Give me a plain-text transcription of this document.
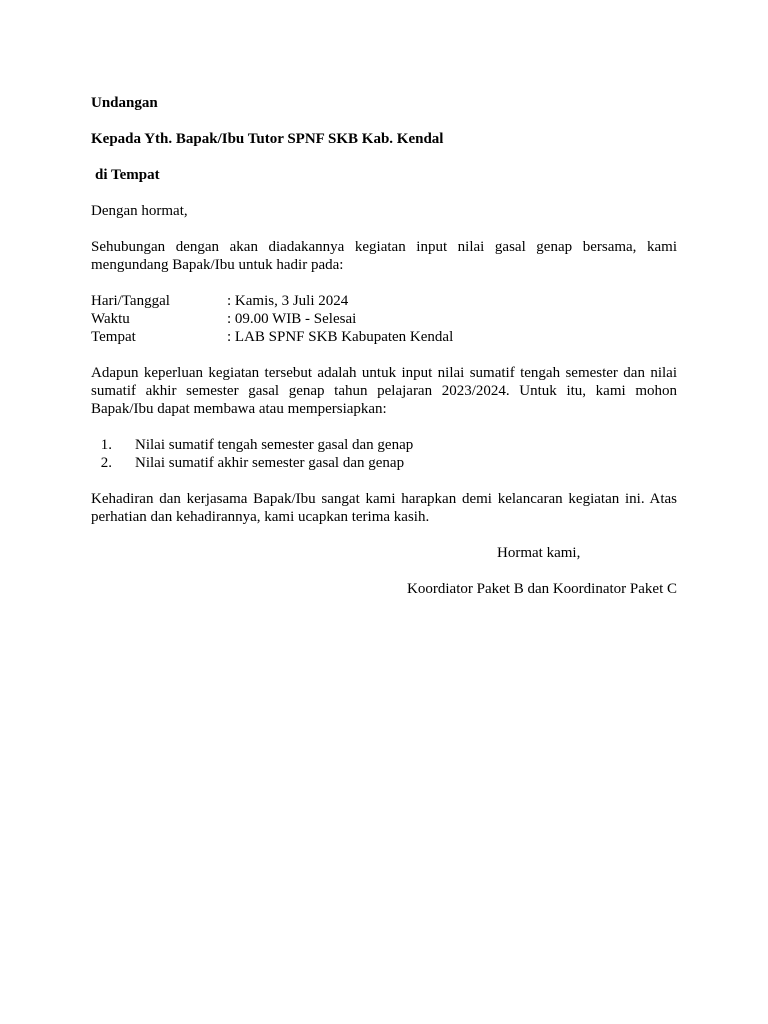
Undangan

Kepada Yth. Bapak/Ibu Tutor SPNF SKB Kab. Kendal

di Tempat

Dengan hormat,

Sehubungan dengan akan diadakannya kegiatan input nilai gasal genap bersama, kami mengundang Bapak/Ibu untuk hadir pada:

Hari/Tanggal	: Kamis, 3 Juli 2024
Waktu	: 09.00 WIB - Selesai
Tempat	: LAB SPNF SKB Kabupaten Kendal

Adapun keperluan kegiatan tersebut adalah untuk input nilai sumatif tengah semester dan nilai sumatif akhir semester gasal genap tahun pelajaran 2023/2024. Untuk itu, kami mohon Bapak/Ibu dapat membawa atau mempersiapkan:

1.	Nilai sumatif tengah semester gasal dan genap
2.	Nilai sumatif akhir semester gasal dan genap

Kehadiran dan kerjasama Bapak/Ibu sangat kami harapkan demi kelancaran kegiatan ini. Atas perhatian dan kehadirannya, kami ucapkan terima kasih.

Hormat kami,

Koordiator Paket B dan Koordinator Paket C
